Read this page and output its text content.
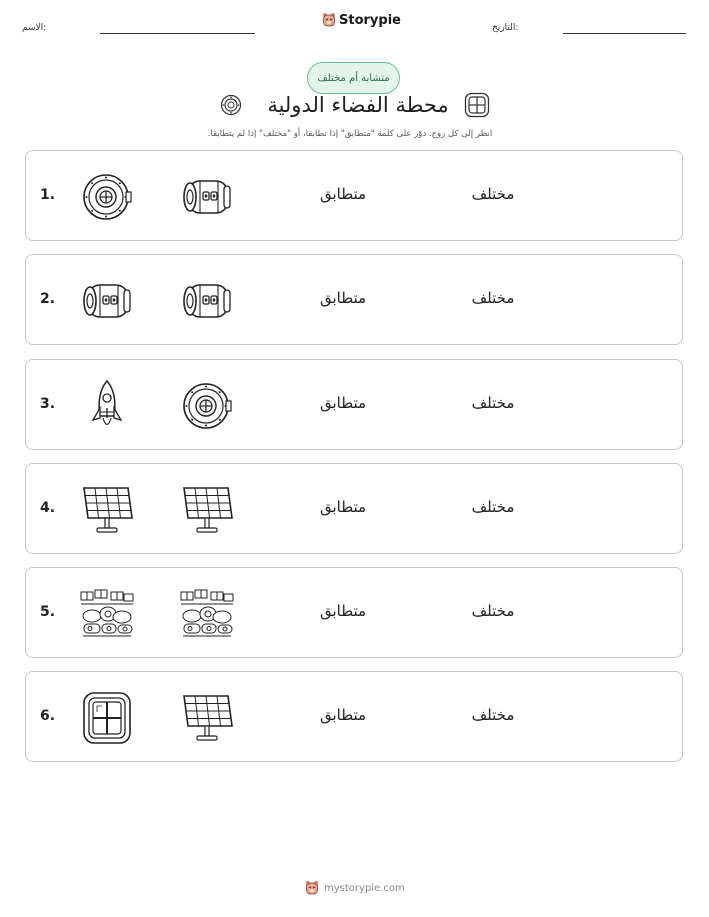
الاسم:
Storypie
التاريخ:
متشابه أم مختلف
محطة الفضاء الدولية
انظر إلى كل زوج. دوّر على كلمة "متطابق" إذا تطابقا، أو "مختلف" إذا لم يتطابقا.
1.	متطابق	مختلف
2.	متطابق	مختلف
3.	متطابق	مختلف
4.	متطابق	مختلف
5.	متطابق	مختلف
6.	متطابق	مختلف
mystorypie.com
